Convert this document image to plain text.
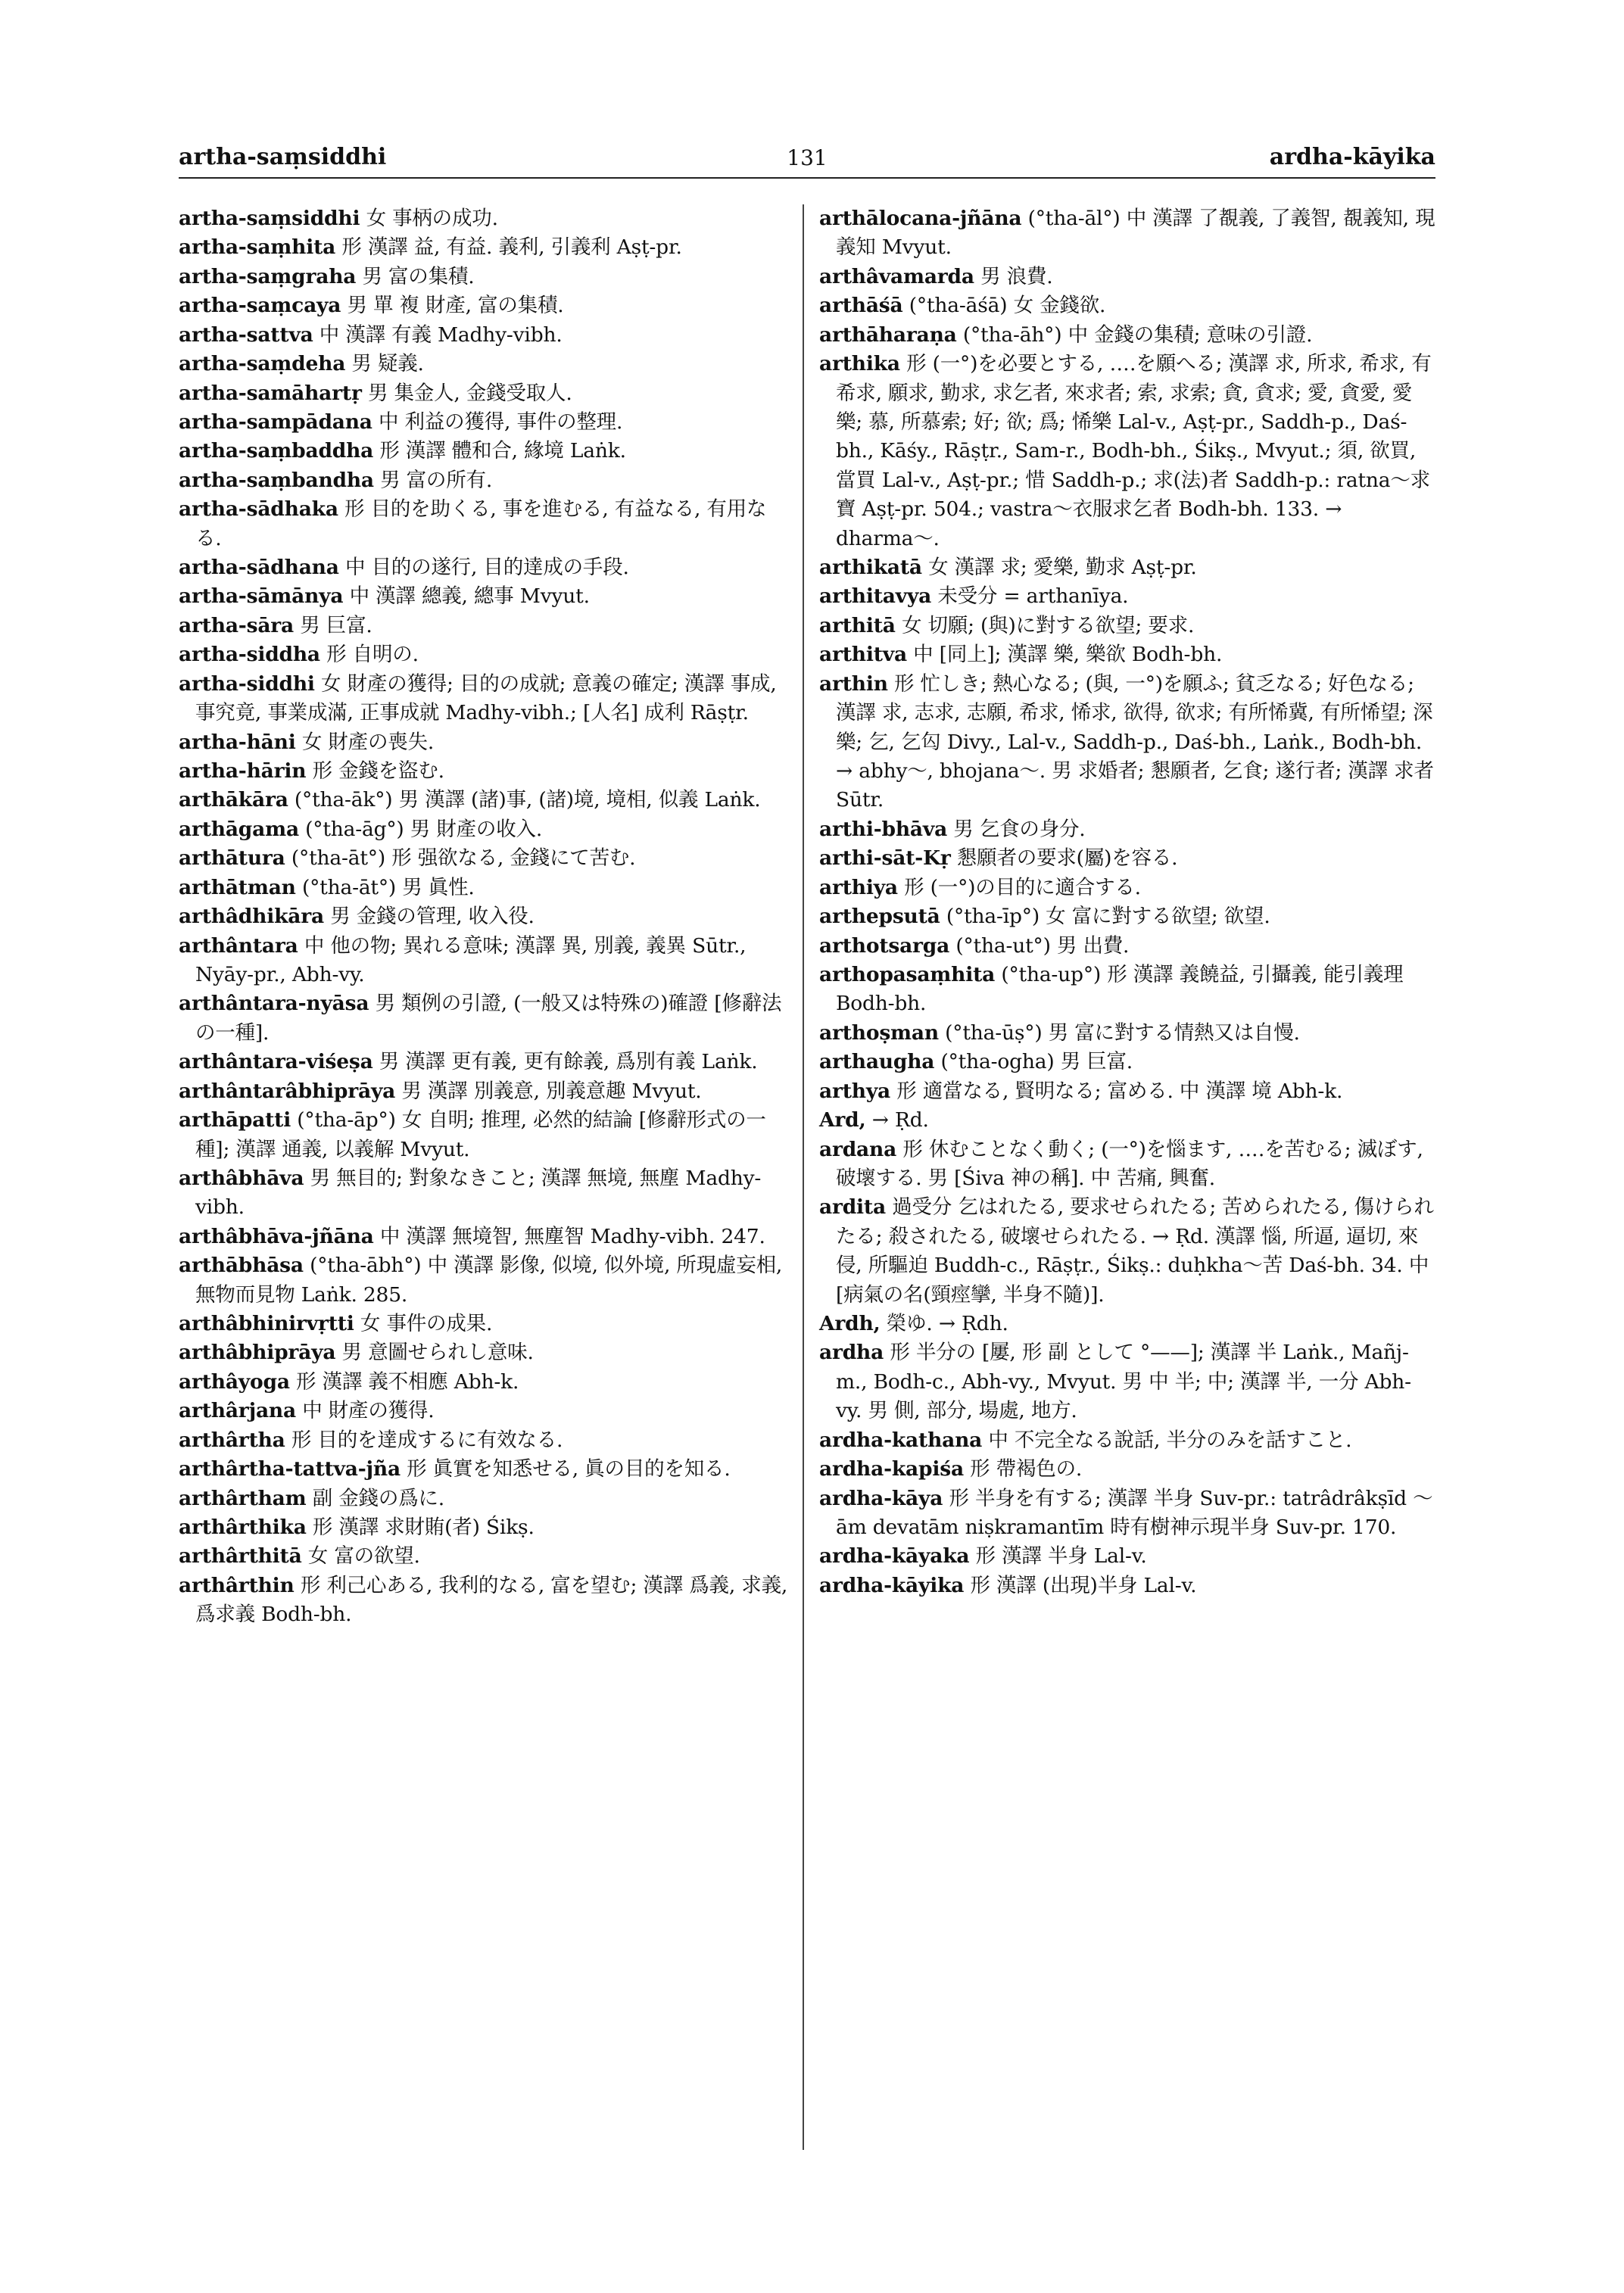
artha-saṃsiddhi	131	ardha-kāyika

artha-saṃsiddhi 女 事柄の成功.

artha-saṃhita 形 漢譯 益, 有益. 義利, 引義利 Aṣṭ-pr.

artha-saṃgraha 男 富の集積.

artha-saṃcaya 男 單 複 財產, 富の集積.

artha-sattva 中 漢譯 有義 Madhy-vibh.

artha-saṃdeha 男 疑義.

artha-samāhartṛ 男 集金人, 金錢受取人.

artha-sampādana 中 利益の獲得, 事件の整理.

artha-saṃbaddha 形 漢譯 體和合, 緣境 Laṅk.

artha-saṃbandha 男 富の所有.

artha-sādhaka 形 目的を助くる, 事を進むる, 有益なる, 有用なる.

artha-sādhana 中 目的の遂行, 目的達成の手段.

artha-sāmānya 中 漢譯 總義, 總事 Mvyut.

artha-sāra 男 巨富.

artha-siddha 形 自明の.

artha-siddhi 女 財產の獲得; 目的の成就; 意義の確定; 漢譯 事成, 事究竟, 事業成滿, 正事成就 Madhy-vibh.; [人名] 成利 Rāṣṭr.

artha-hāni 女 財產の喪失.

artha-hārin 形 金錢を盜む.

arthākāra (°tha-āk°) 男 漢譯 (諸)事, (諸)境, 境相, 似義 Laṅk.

arthāgama (°tha-āg°) 男 財產の收入.

arthātura (°tha-āt°) 形 强欲なる, 金錢にて苦む.

arthātman (°tha-āt°) 男 眞性.

arthâdhikāra 男 金錢の管理, 收入役.

arthântara 中 他の物; 異れる意味; 漢譯 異, 別義, 義異 Sūtr., Nyāy-pr., Abh-vy.

arthântara-nyāsa 男 類例の引證, (一般又は特殊の)確證 [修辭法の一種].

arthântara-viśeṣa 男 漢譯 更有義, 更有餘義, 爲別有義 Laṅk.

arthântarâbhiprāya 男 漢譯 別義意, 別義意趣 Mvyut.

arthāpatti (°tha-āp°) 女 自明; 推理, 必然的結論 [修辭形式の一種]; 漢譯 通義, 以義解 Mvyut.

arthâbhāva 男 無目的; 對象なきこと; 漢譯 無境, 無塵 Madhy-vibh.

arthâbhāva-jñāna 中 漢譯 無境智, 無塵智 Madhy-vibh. 247.

arthābhāsa (°tha-ābh°) 中 漢譯 影像, 似境, 似外境, 所現虛妄相, 無物而見物 Laṅk. 285.

arthâbhinirvṛtti 女 事件の成果.

arthâbhiprāya 男 意圖せられし意味.

arthâyoga 形 漢譯 義不相應 Abh-k.

arthârjana 中 財產の獲得.

arthârtha 形 目的を達成するに有效なる.

arthârtha-tattva-jña 形 眞實を知悉せる, 眞の目的を知る.

arthârtham 副 金錢の爲に.

arthârthika 形 漢譯 求財賄(者) Śikṣ.

arthârthitā 女 富の欲望.

arthârthin 形 利己心ある, 我利的なる, 富を望む; 漢譯 爲義, 求義, 爲求義 Bodh-bh.

arthālocana-jñāna (°tha-āl°) 中 漢譯 了覩義, 了義智, 覩義知, 現義知 Mvyut.

arthâvamarda 男 浪費.

arthāśā (°tha-āśā) 女 金錢欲.

arthāharaṇa (°tha-āh°) 中 金錢の集積; 意味の引證.

arthika 形 (一°)を必要とする, ‥‥を願へる; 漢譯 求, 所求, 希求, 有希求, 願求, 勤求, 求乞者, 來求者; 索, 求索; 貪, 貪求; 愛, 貪愛, 愛樂; 慕, 所慕索; 好; 欲; 爲; 悕樂 Lal-v., Aṣṭ-pr., Saddh-p., Daś-bh., Kāśy., Rāṣṭr., Sam-r., Bodh-bh., Śikṣ., Mvyut.; 須, 欲買, 當買 Lal-v., Aṣṭ-pr.; 惜 Saddh-p.; 求(法)者 Saddh-p.: ratna〜求寶 Aṣṭ-pr. 504.; vastra〜衣服求乞者 Bodh-bh. 133. → dharma〜.

arthikatā 女 漢譯 求; 愛樂, 勤求 Aṣṭ-pr.

arthitavya 未受分 = arthanīya.

arthitā 女 切願; (與)に對する欲望; 要求.

arthitva 中 [同上]; 漢譯 樂, 樂欲 Bodh-bh.

arthin 形 忙しき; 熱心なる; (與, 一°)を願ふ; 貧乏なる; 好色なる; 漢譯 求, 志求, 志願, 希求, 悕求, 欲得, 欲求; 有所悕冀, 有所悕望; 深樂; 乞, 乞匃 Divy., Lal-v., Saddh-p., Daś-bh., Laṅk., Bodh-bh. → abhy〜, bhojana〜. 男 求婚者; 懇願者, 乞食; 遂行者; 漢譯 求者 Sūtr.

arthi-bhāva 男 乞食の身分.

arthi-sāt-Kṛ 懇願者の要求(屬)を容る.

arthiya 形 (一°)の目的に適合する.

arthepsutā (°tha-īp°) 女 富に對する欲望; 欲望.

arthotsarga (°tha-ut°) 男 出費.

arthopasaṃhita (°tha-up°) 形 漢譯 義饒益, 引攝義, 能引義理 Bodh-bh.

arthoṣman (°tha-ūṣ°) 男 富に對する情熱又は自慢.

arthaugha (°tha-ogha) 男 巨富.

arthya 形 適當なる, 賢明なる; 富める. 中 漢譯 境 Abh-k.

Ard, → Ṛd.

ardana 形 休むことなく動く; (一°)を惱ます, ‥‥を苦むる; 滅ぼす, 破壞する. 男 [Śiva 神の稱]. 中 苦痛, 興奮.

ardita 過受分 乞はれたる, 要求せられたる; 苦められたる, 傷けられたる; 殺されたる, 破壞せられたる. → Ṛd. 漢譯 惱, 所逼, 逼切, 來侵, 所驅迫 Buddh-c., Rāṣṭr., Śikṣ.: duḥkha〜苦 Daś-bh. 34. 中 [病氣の名(頸痙攣, 半身不隨)].

Ardh, 榮ゆ. → Ṛdh.

ardha 形 半分の [屢, 形 副 として °——]; 漢譯 半 Laṅk., Mañj-m., Bodh-c., Abh-vy., Mvyut. 男 中 半; 中; 漢譯 半, 一分 Abh-vy. 男 側, 部分, 場處, 地方.

ardha-kathana 中 不完全なる說話, 半分のみを話すこと.

ardha-kapiśa 形 帶褐色の.

ardha-kāya 形 半身を有する; 漢譯 半身 Suv-pr.: tatrâdrâkṣīd 〜ām devatām niṣkramantīm 時有樹神示現半身 Suv-pr. 170.

ardha-kāyaka 形 漢譯 半身 Lal-v.

ardha-kāyika 形 漢譯 (出現)半身 Lal-v.
